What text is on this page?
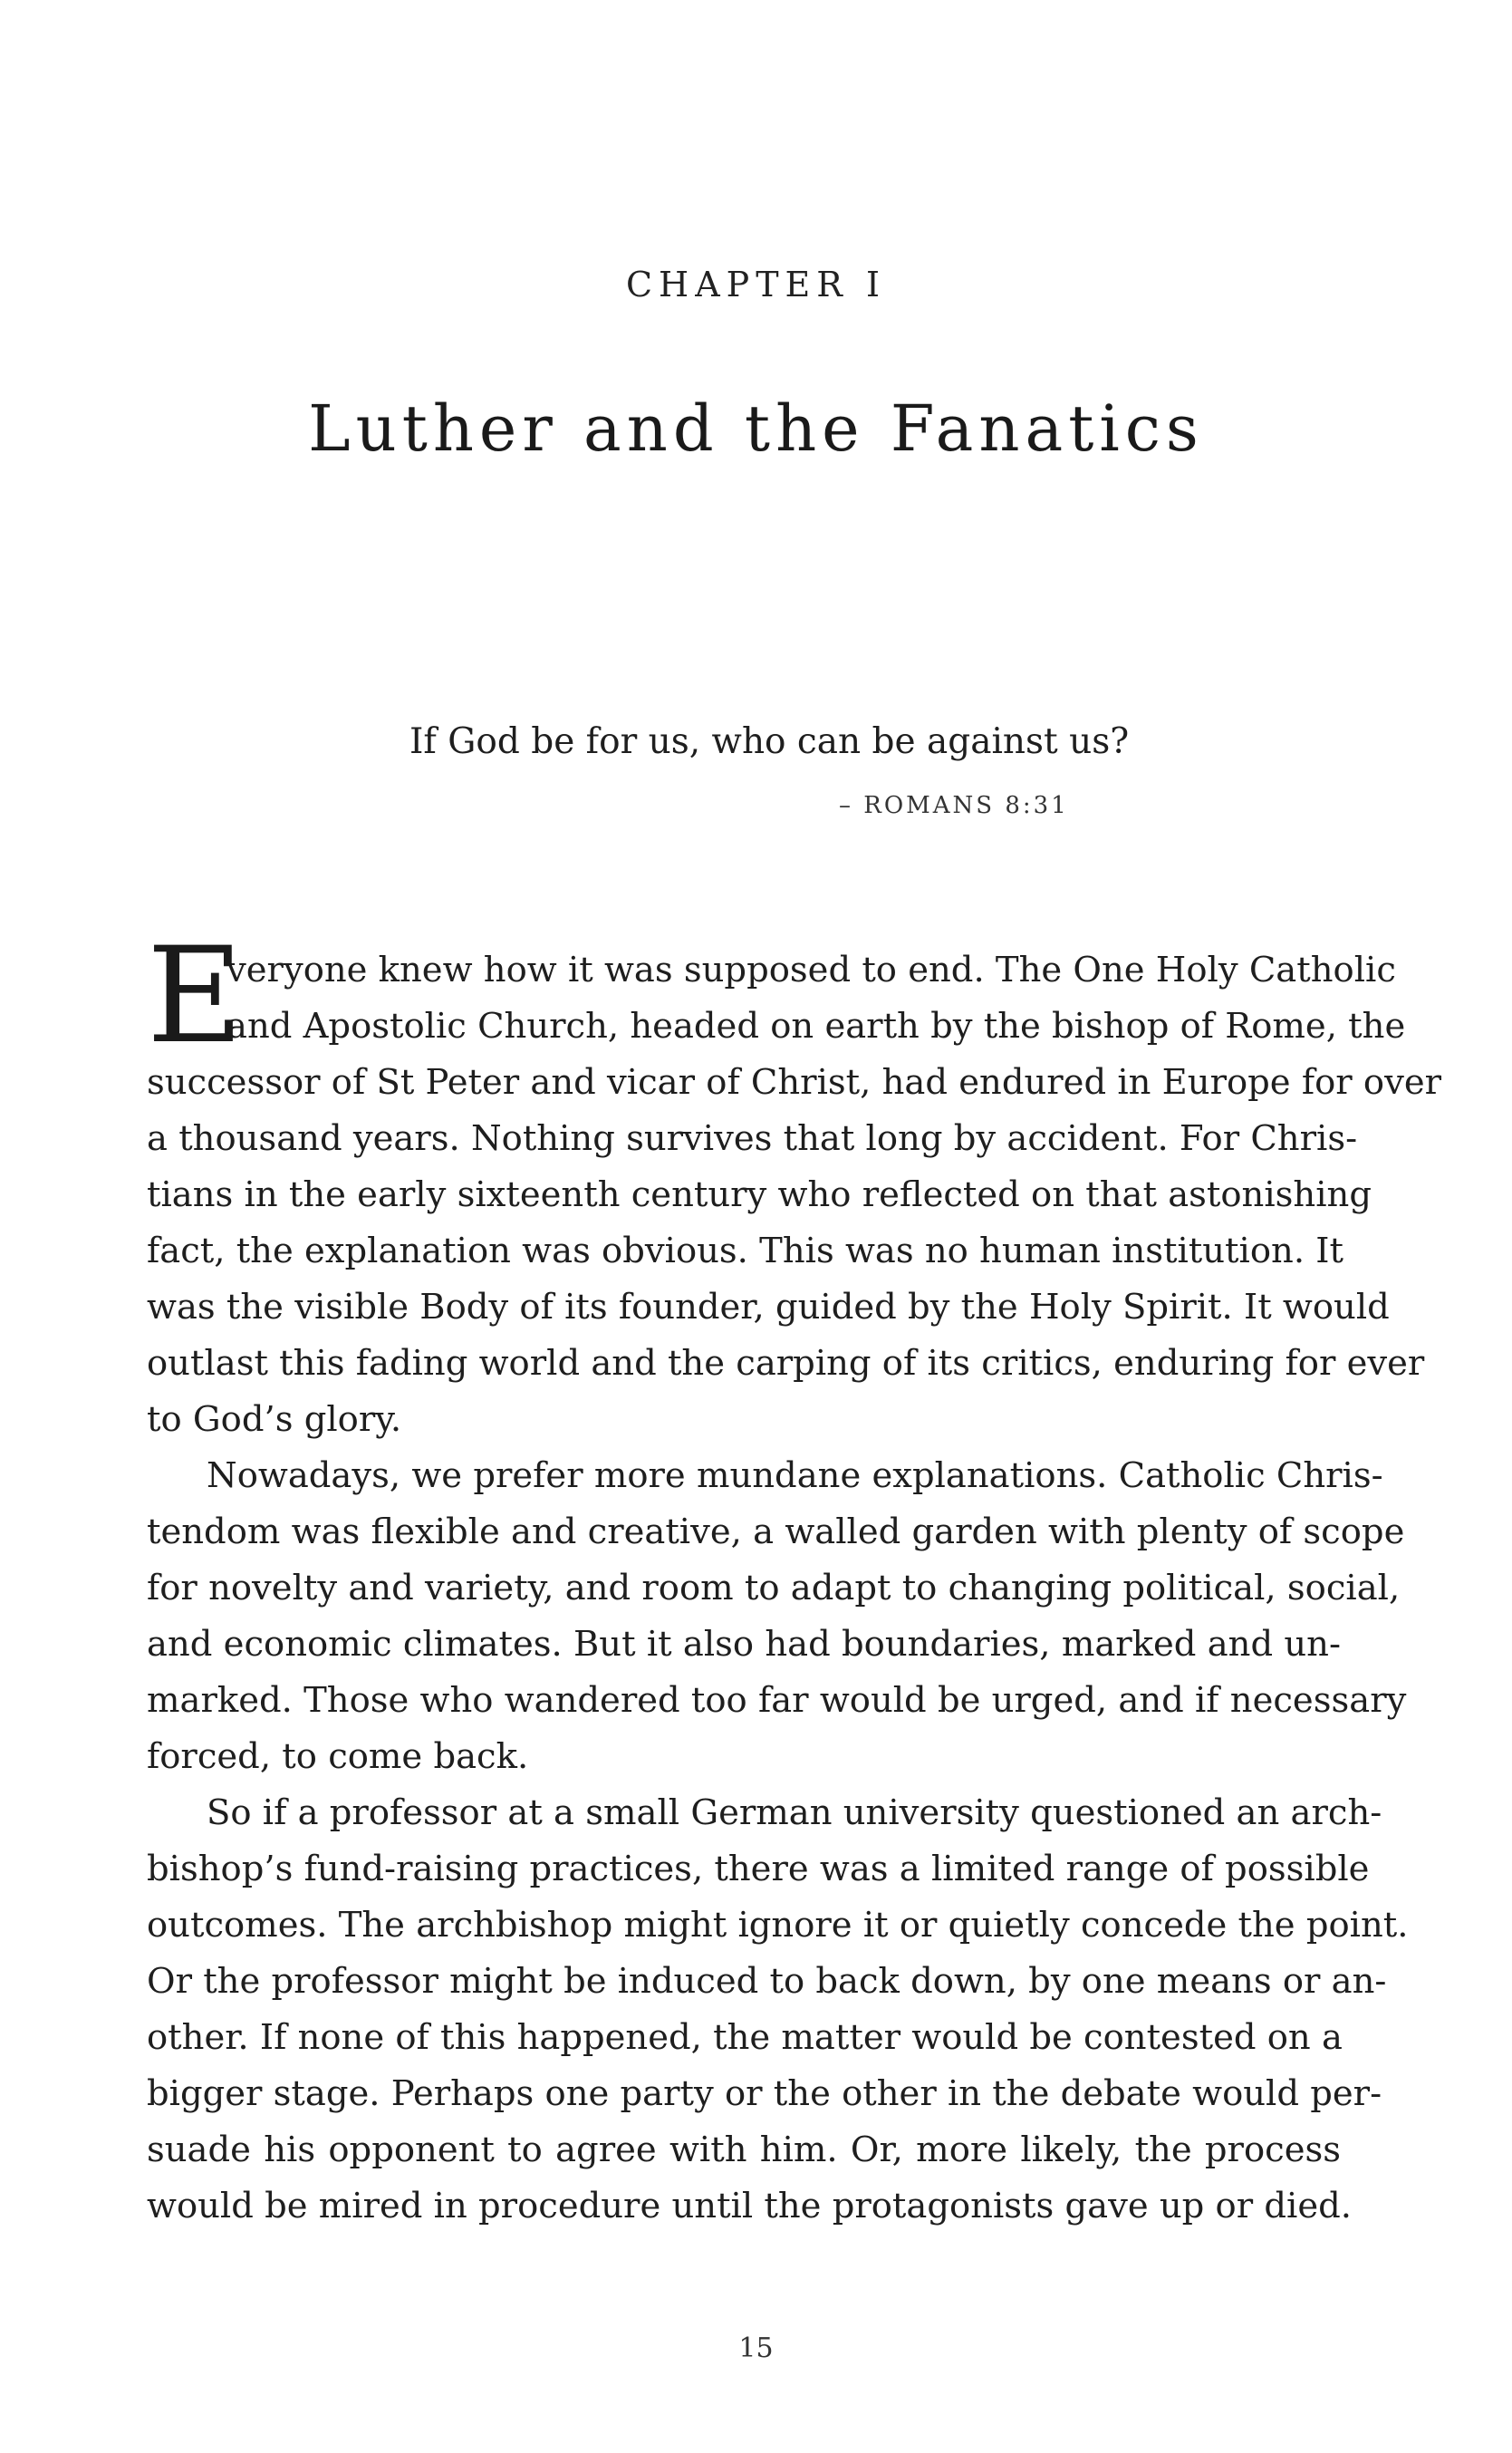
CHAPTER I
Luther and the Fanatics
If God be for us, who can be against us?
– ROMANS 8:31
E
veryone knew how it was supposed to end. The One Holy Catholic
and Apostolic Church, headed on earth by the bishop of Rome, the
successor of St Peter and vicar of Christ, had endured in Europe for over
a thousand years. Nothing survives that long by accident. For Chris-
tians in the early sixteenth century who reflected on that astonishing
fact, the explanation was obvious. This was no human institution. It
was the visible Body of its founder, guided by the Holy Spirit. It would
outlast this fading world and the carping of its critics, enduring for ever
to God’s glory.
Nowadays, we prefer more mundane explanations. Catholic Chris-
tendom was flexible and creative, a walled garden with plenty of scope
for novelty and variety, and room to adapt to changing political, social,
and economic climates. But it also had boundaries, marked and un-
marked. Those who wandered too far would be urged, and if necessary
forced, to come back.
So if a professor at a small German university questioned an arch-
bishop’s fund-raising practices, there was a limited range of possible
outcomes. The archbishop might ignore it or quietly concede the point.
Or the professor might be induced to back down, by one means or an-
other. If none of this happened, the matter would be contested on a
bigger stage. Perhaps one party or the other in the debate would per-
suade his opponent to agree with him. Or, more likely, the process
would be mired in procedure until the protagonists gave up or died.
15
